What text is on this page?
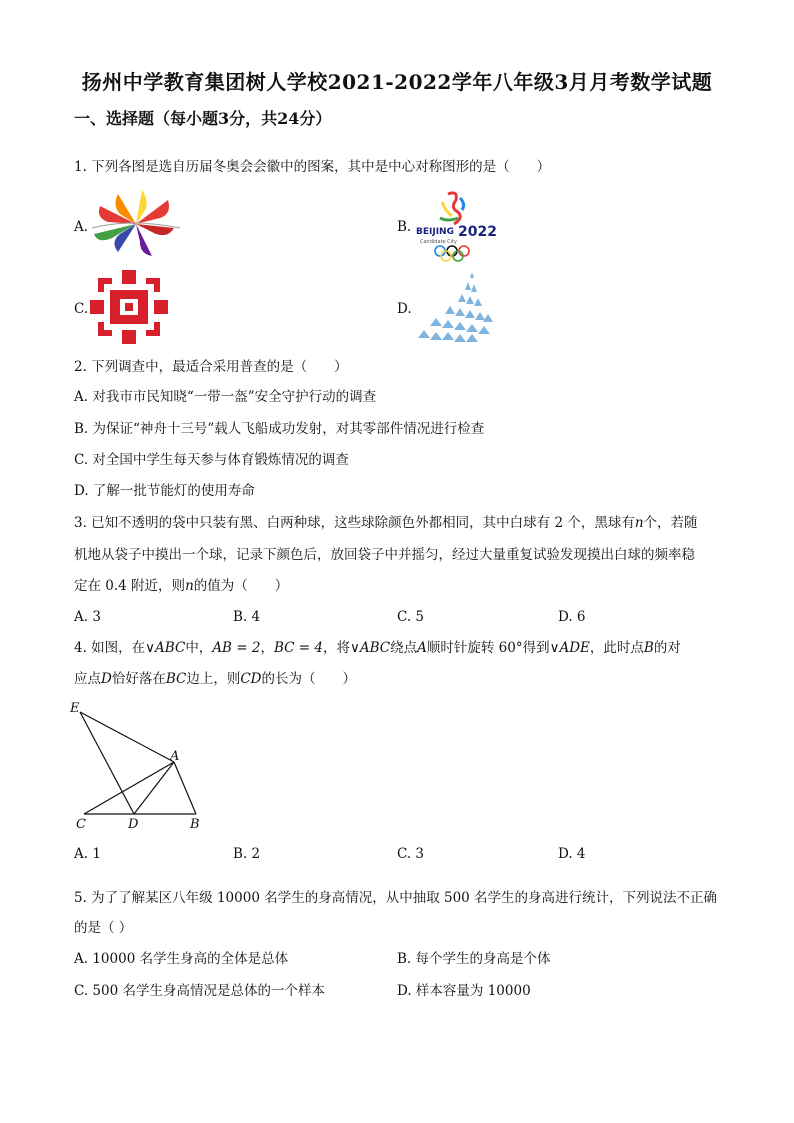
扬州中学教育集团树人学校2021-2022学年八年级3月月考数学试题
一、选择题（每小题3分，共24分）
1. 下列各图是选自历届冬奥会会徽中的图案，其中是中心对称图形的是（　　）
A.	B. BEIJING 2022
Candidate City
C.	D.
2. 下列调查中，最适合采用普查的是（　　）
A. 对我市市民知晓“一带一盔”安全守护行动的调查
B. 为保证“神舟十三号”载人飞船成功发射，对其零部件情况进行检查
C. 对全国中学生每天参与体育锻炼情况的调查
D. 了解一批节能灯的使用寿命
3. 已知不透明的袋中只装有黑、白两种球，这些球除颜色外都相同，其中白球有 2 个，黑球有n个，若随
机地从袋子中摸出一个球，记录下颜色后，放回袋子中并摇匀，经过大量重复试验发现摸出白球的频率稳
定在 0.4 附近，则n的值为（　　）
A. 3	B. 4	C. 5	D. 6
4. 如图，在∨ABC中，AB = 2，BC = 4，将∨ABC绕点A顺时针旋转 60°得到∨ADE，此时点B的对
应点D恰好落在BC边上，则CD的长为（　　）
E
A
C	D	B
A. 1	B. 2	C. 3	D. 4
5. 为了了解某区八年级 10000 名学生的身高情况，从中抽取 500 名学生的身高进行统计，下列说法不正确
的是（ ）
A. 10000 名学生身高的全体是总体	B. 每个学生的身高是个体
C. 500 名学生身高情况是总体的一个样本	D. 样本容量为 10000
